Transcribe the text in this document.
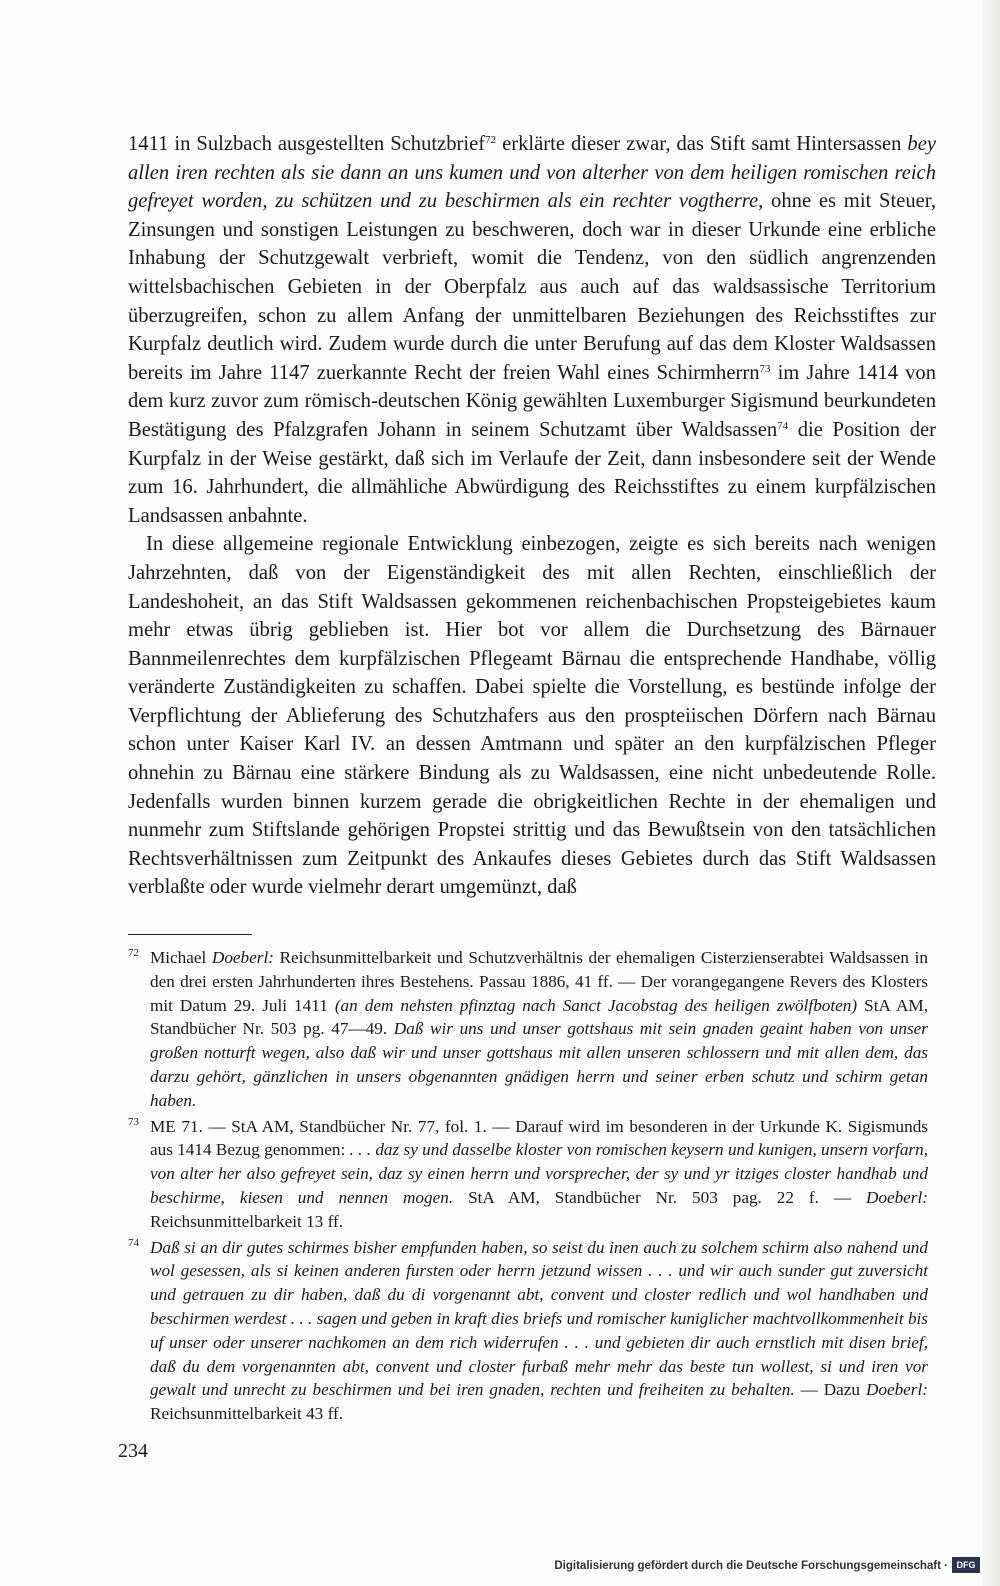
1411 in Sulzbach ausgestellten Schutzbrief$^{72}$ erklärte dieser zwar, das Stift samt Hintersassen bey allen iren rechten als sie dann an uns kumen und von alterher von dem heiligen romischen reich gefreyet worden, zu schützen und zu beschirmen als ein rechter vogtherre, ohne es mit Steuer, Zinsungen und sonstigen Leistungen zu beschweren, doch war in dieser Urkunde eine erbliche Inhabung der Schutzgewalt verbrieft, womit die Tendenz, von den südlich angrenzenden wittelsbachischen Gebieten in der Oberpfalz aus auch auf das waldsassische Territorium überzugreifen, schon zu allem Anfang der unmittelbaren Beziehungen des Reichsstiftes zur Kurpfalz deutlich wird. Zudem wurde durch die unter Berufung auf das dem Kloster Waldsassen bereits im Jahre 1147 zuerkannte Recht der freien Wahl eines Schirmherrn$^{73}$ im Jahre 1414 von dem kurz zuvor zum römisch-deutschen König gewählten Luxemburger Sigismund beurkundeten Bestätigung des Pfalzgrafen Johann in seinem Schutzamt über Waldsassen$^{74}$ die Position der Kurpfalz in der Weise gestärkt, daß sich im Verlaufe der Zeit, dann insbesondere seit der Wende zum 16. Jahrhundert, die allmähliche Abwürdigung des Reichsstiftes zu einem kurpfälzischen Landsassen anbahnte.

In diese allgemeine regionale Entwicklung einbezogen, zeigte es sich bereits nach wenigen Jahrzehnten, daß von der Eigenständigkeit des mit allen Rechten, einschließlich der Landeshoheit, an das Stift Waldsassen gekommenen reichenbachischen Propsteigebietes kaum mehr etwas übrig geblieben ist. Hier bot vor allem die Durchsetzung des Bärnauer Bannmeilenrechtes dem kurpfälzischen Pflegeamt Bärnau die entsprechende Handhabe, völlig veränderte Zuständigkeiten zu schaffen. Dabei spielte die Vorstellung, es bestünde infolge der Verpflichtung der Ablieferung des Schutzhafers aus den prospteiischen Dörfern nach Bärnau schon unter Kaiser Karl IV. an dessen Amtmann und später an den kurpfälzischen Pfleger ohnehin zu Bärnau eine stärkere Bindung als zu Waldsassen, eine nicht unbedeutende Rolle. Jedenfalls wurden binnen kurzem gerade die obrigkeitlichen Rechte in der ehemaligen und nunmehr zum Stiftslande gehörigen Propstei strittig und das Bewußtsein von den tatsächlichen Rechtsverhältnissen zum Zeitpunkt des Ankaufes dieses Gebietes durch das Stift Waldsassen verblaßte oder wurde vielmehr derart umgemünzt, daß

72 Michael Doeberl: Reichsunmittelbarkeit und Schutzverhältnis der ehemaligen Cisterzienserabtei Waldsassen in den drei ersten Jahrhunderten ihres Bestehens. Passau 1886, 41 ff. — Der vorangegangene Revers des Klosters mit Datum 29. Juli 1411 (an dem nehsten pfinztag nach Sanct Jacobstag des heiligen zwölfboten) StA AM, Standbücher Nr. 503 pg. 47—49. Daß wir uns und unser gottshaus mit sein gnaden geaint haben von unser großen notturft wegen, also daß wir und unser gottshaus mit allen unseren schlossern und mit allen dem, das darzu gehört, gänzlichen in unsers obgenannten gnädigen herrn und seiner erben schutz und schirm getan haben.

73 ME 71. — StA AM, Standbücher Nr. 77, fol. 1. — Darauf wird im besonderen in der Urkunde K. Sigismunds aus 1414 Bezug genommen: . . . daz sy und dasselbe kloster von romischen keysern und kunigen, unsern vorfarn, von alter her also gefreyet sein, daz sy einen herrn und vorsprecher, der sy und yr itziges closter handhab und beschirme, kiesen und nennen mogen. StA AM, Standbücher Nr. 503 pag. 22 f. — Doeberl: Reichsunmittelbarkeit 13 ff.

74 Daß si an dir gutes schirmes bisher empfunden haben, so seist du inen auch zu solchem schirm also nahend und wol gesessen, als si keinen anderen fursten oder herrn jetzund wissen . . . und wir auch sunder gut zuversicht und getrauen zu dir haben, daß du di vorgenannt abt, convent und closter redlich und wol handhaben und beschirmen werdest . . . sagen und geben in kraft dies briefs und romischer kuniglicher machtvollkommenheit bis uf unser oder unserer nachkomen an dem rich widerrufen . . . und gebieten dir auch ernstlich mit disen brief, daß du dem vorgenannten abt, convent und closter furbaß mehr mehr das beste tun wollest, si und iren vor gewalt und unrecht zu beschirmen und bei iren gnaden, rechten und freiheiten zu behalten. — Dazu Doeberl: Reichsunmittelbarkeit 43 ff.

234
Digitalisierung gefördert durch die Deutsche Forschungsgemeinschaft · DFG
